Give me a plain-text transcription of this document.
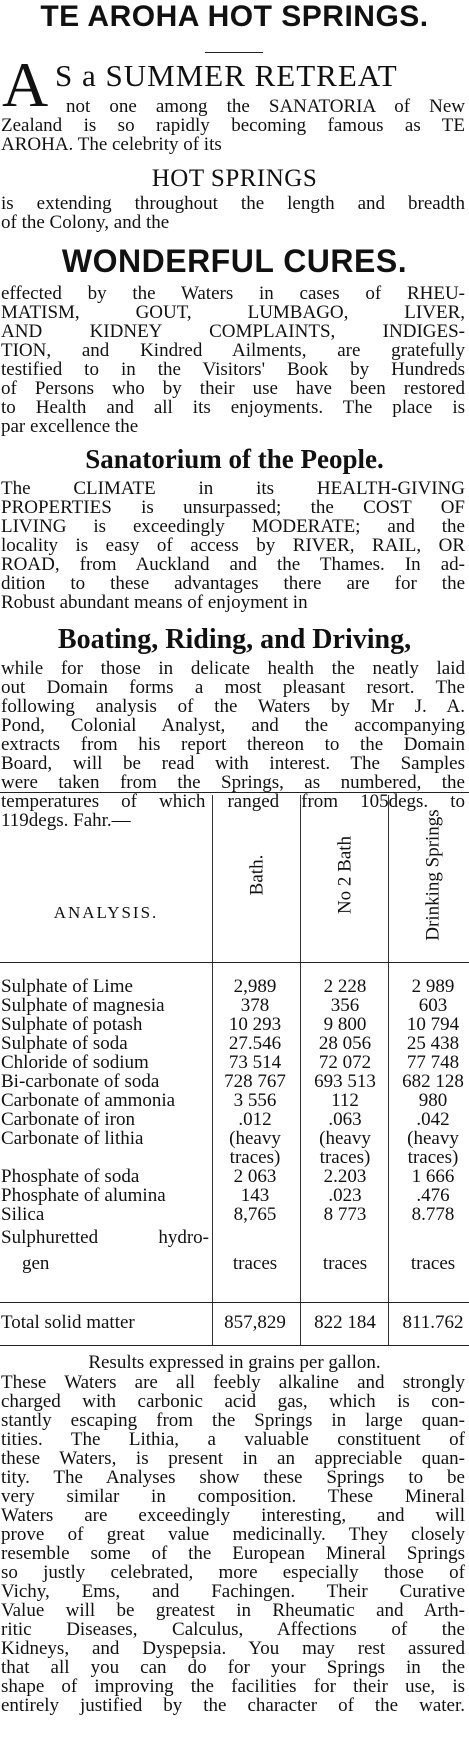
TE AROHA HOT SPRINGS.
A S a SUMMER RETREAT
not one among the SANATORIA of New
Zealand is so rapidly becoming famous as TE
AROHA. The celebrity of its
HOT SPRINGS
is extending throughout the length and breadth
of the Colony, and the
WONDERFUL CURES.
effected by the Waters in cases of RHEU-
MATISM, GOUT, LUMBAGO, LIVER,
AND KIDNEY COMPLAINTS, INDIGES-
TION, and Kindred Ailments, are gratefully
testified to in the Visitors' Book by Hundreds
of Persons who by their use have been restored
to Health and all its enjoyments. The place is
par excellence the
Sanatorium of the People.
The CLIMATE in its HEALTH-GIVING
PROPERTIES is unsurpassed; the COST OF
LIVING is exceedingly MODERATE; and the
locality is easy of access by RIVER, RAIL, OR
ROAD, from Auckland and the Thames. In ad-
dition to these advantages there are for the
Robust abundant means of enjoyment in
Boating, Riding, and Driving,
while for those in delicate health the neatly laid
out Domain forms a most pleasant resort. The
following analysis of the Waters by Mr J. A.
Pond, Colonial Analyst, and the accompanying
extracts from his report thereon to the Domain
Board, will be read with interest. The Samples
were taken from the Springs, as numbered, the
temperatures of which ranged from 105degs. to
119degs. Fahr.—
ANALYSIS.
Bath.	No 2 Bath	Drinking Springs
Sulphate of Lime	2,989	2 228	2 989
Sulphate of magnesia	378	356	603
Sulphate of potash	10 293	9 800	10 794
Sulphate of soda	27.546	28 056	25 438
Chloride of sodium	73 514	72 072	77 748
Bi-carbonate of soda	728 767	693 513	682 128
Carbonate of ammonia	3 556	112	980
Carbonate of iron	.012	.063	.042
Carbonate of lithia	(heavy	(heavy	(heavy
traces)	traces)	traces)
Phosphate of soda	2 063	2.203	1 666
Phosphate of alumina	143	.023	.476
Silica	8,765	8 773	8.778
Sulphuretted hydro-
gen	traces	traces	traces
Total solid matter	857,829	822 184	811.762
Results expressed in grains per gallon.
These Waters are all feebly alkaline and strongly
charged with carbonic acid gas, which is con-
stantly escaping from the Springs in large quan-
tities. The Lithia, a valuable constituent of
these Waters, is present in an appreciable quan-
tity. The Analyses show these Springs to be
very similar in composition. These Mineral
Waters are exceedingly interesting, and will
prove of great value medicinally. They closely
resemble some of the European Mineral Springs
so justly celebrated, more especially those of
Vichy, Ems, and Fachingen. Their Curative
Value will be greatest in Rheumatic and Arth-
ritic Diseases, Calculus, Affections of the
Kidneys, and Dyspepsia. You may rest assured
that all you can do for your Springs in the
shape of improving the facilities for their use, is
entirely justified by the character of the water.
